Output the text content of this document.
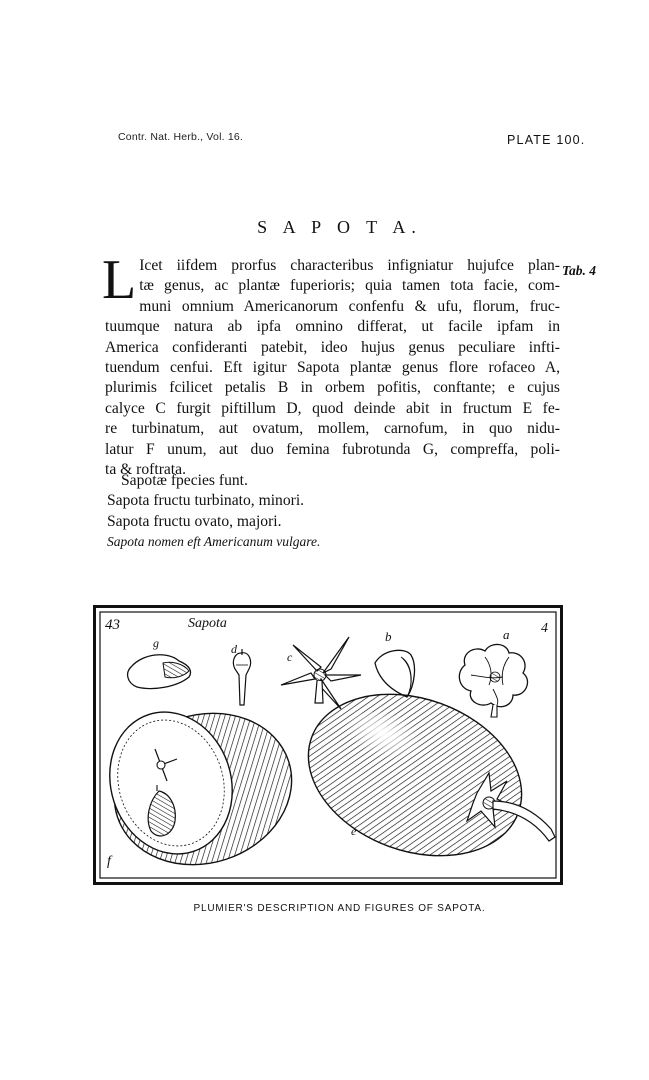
Contr. Nat. Herb., Vol. 16.	PLATE 100.
S A P O T A.
Tab. 4
L Icet iifdem prorfus characteribus infigniatur hujufce plan-
tæ genus, ac plantæ fuperioris; quia tamen tota facie, com-
muni omnium Americanorum confenfu & ufu, florum, fruc-
tuumque natura ab ipfa omnino differat, ut facile ipfam in
America confideranti patebit, ideo hujus genus peculiare infti-
tuendum cenfui. Eft igitur Sapota plantæ genus flore rofaceo A,
plurimis fcilicet petalis B in orbem pofitis, conftante; e cujus
calyce C furgit piftillum D, quod deinde abit in fructum E fe-
re turbinatum, aut ovatum, mollem, carnofum, in quo nidu-
latur F unum, aut duo femina fubrotunda G, compreffa, poli-
ta & roftrata.
Sapotæ fpecies funt.
Sapota fructu turbinato, minori.
Sapota fructu ovato, majori.
Sapota nomen eft Americanum vulgare.
43	Sapota	4
g	d
c
b	a
f
e
PLUMIER'S DESCRIPTION AND FIGURES OF SAPOTA.
